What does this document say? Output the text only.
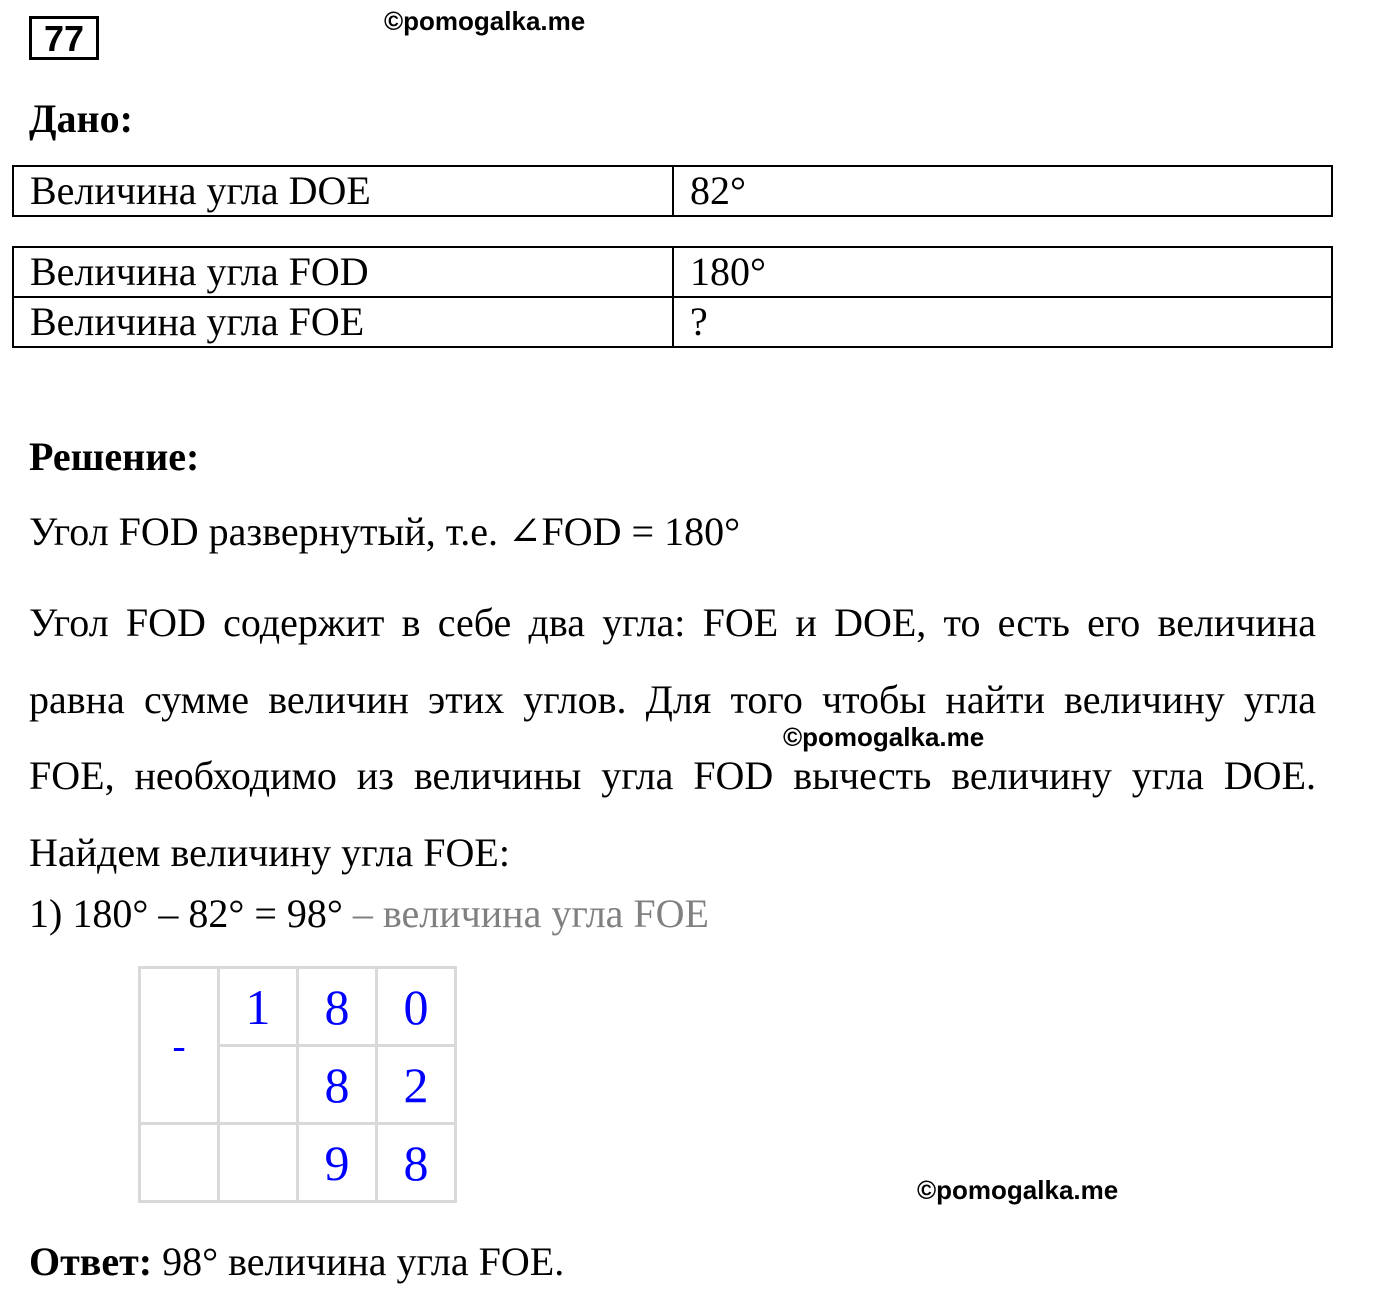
77	©pomogalka.me
Дано:
Величина угла DOE	82°
Величина угла FOD	180°
Величина угла FOE	?
Решение:
Угол FOD развернутый, т.е. ∠FOD = 180°
Угол FOD содержит в себе два угла: FOE и DOE, то есть его величина равна сумме величин этих углов. Для того чтобы найти величину угла FOE, необходимо из величины угла FOD вычесть величину угла DOE. Найдем величину угла FOE:
©pomogalka.me
1) 180° – 82° = 98° – величина угла FOE
-	1	8	0
		8	2
		9	8	©pomogalka.me
Ответ: 98° величина угла FOE.
